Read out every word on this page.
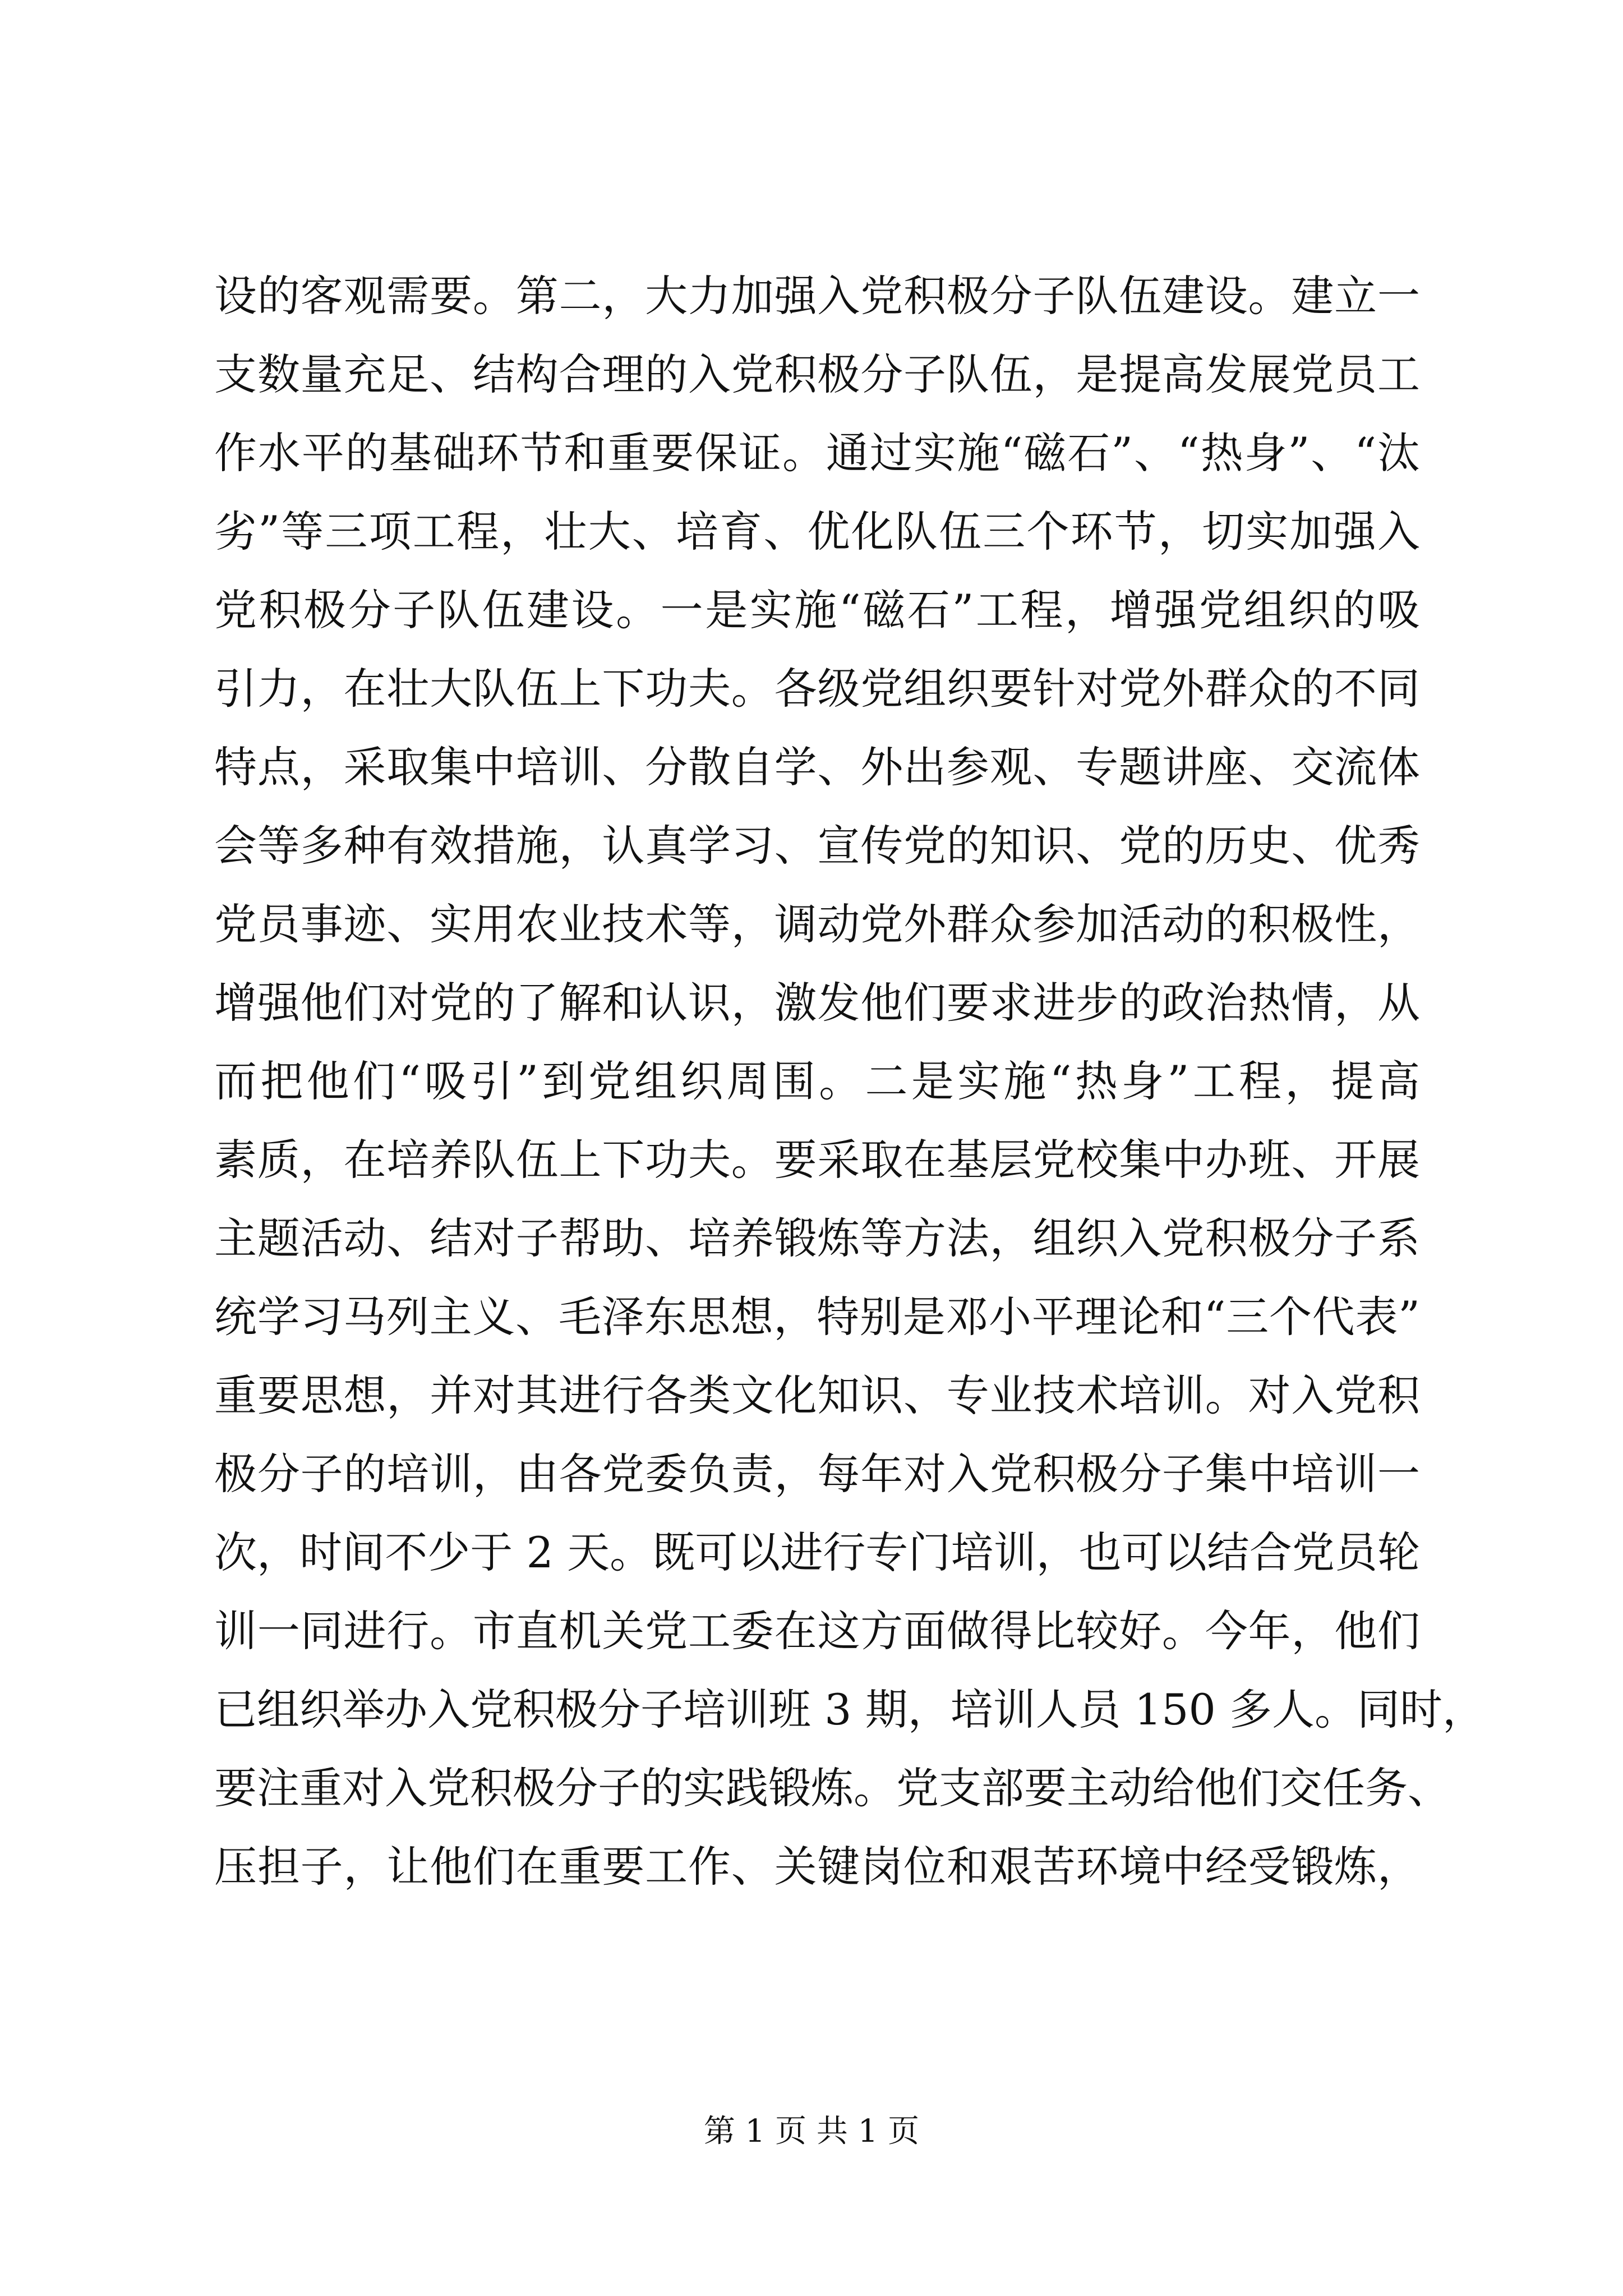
设的客观需要。第二，大力加强入党积极分子队伍建设。建立一
支数量充足、结构合理的入党积极分子队伍，是提高发展党员工
作水平的基础环节和重要保证。通过实施“磁石”、“热身”、“汰
劣”等三项工程，壮大、培育、优化队伍三个环节，切实加强入
党积极分子队伍建设。一是实施“磁石”工程，增强党组织的吸
引力，在壮大队伍上下功夫。各级党组织要针对党外群众的不同
特点，采取集中培训、分散自学、外出参观、专题讲座、交流体
会等多种有效措施，认真学习、宣传党的知识、党的历史、优秀
党员事迹、实用农业技术等，调动党外群众参加活动的积极性，
增强他们对党的了解和认识，激发他们要求进步的政治热情，从
而把他们“吸引”到党组织周围。二是实施“热身”工程，提高
素质，在培养队伍上下功夫。要采取在基层党校集中办班、开展
主题活动、结对子帮助、培养锻炼等方法，组织入党积极分子系
统学习马列主义、毛泽东思想，特别是邓小平理论和“三个代表”
重要思想，并对其进行各类文化知识、专业技术培训。对入党积
极分子的培训，由各党委负责，每年对入党积极分子集中培训一
次，时间不少于 2 天。既可以进行专门培训，也可以结合党员轮
训一同进行。市直机关党工委在这方面做得比较好。今年，他们
已组织举办入党积极分子培训班 3 期，培训人员 150 多人。同时，
要注重对入党积极分子的实践锻炼。党支部要主动给他们交任务、
压担子，让他们在重要工作、关键岗位和艰苦环境中经受锻炼，
第 1 页 共 1 页
